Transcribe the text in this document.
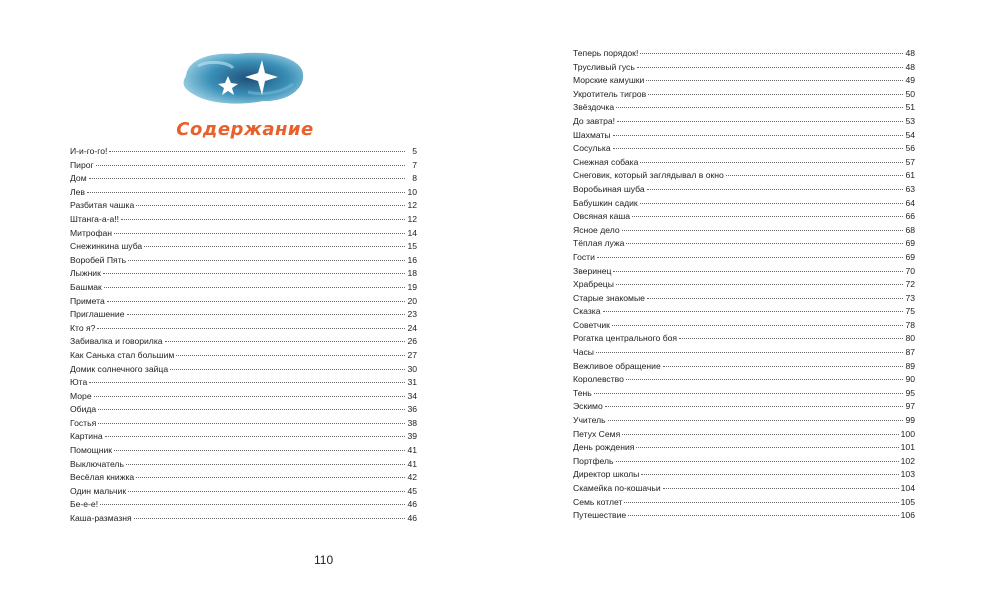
Содержание
И-и-го-го!	5
Пирог	7
Дом	8
Лев	10
Разбитая чашка	12
Штанга-а-а!!	12
Митрофан	14
Снежинкина шуба	15
Воробей Пять	16
Лыжник	18
Башмак	19
Примета	20
Приглашение	23
Кто я?	24
Забивалка и говорилка	26
Как Санька стал большим	27
Домик солнечного зайца	30
Юта	31
Море	34
Обида	36
Гостья	38
Картина	39
Помощник	41
Выключатель	41
Весёлая книжка	42
Один мальчик	45
Бе-е-е!	46
Каша-размазня	46
110
Теперь порядок!	48
Трусливый гусь	48
Морские камушки	49
Укротитель тигров	50
Звёздочка	51
До завтра!	53
Шахматы	54
Сосулька	56
Снежная собака	57
Снеговик, который заглядывал в окно	61
Воробьиная шуба	63
Бабушкин садик	64
Овсяная каша	66
Ясное дело	68
Тёплая лужа	69
Гости	69
Зверинец	70
Храбрецы	72
Старые знакомые	73
Сказка	75
Советчик	78
Рогатка центрального боя	80
Часы	87
Вежливое обращение	89
Королевство	90
Тень	95
Эскимо	97
Учитель	99
Петух Семя	100
День рождения	101
Портфель	102
Директор школы	103
Скамейка по-кошачьи	104
Семь котлет	105
Путешествие	106
